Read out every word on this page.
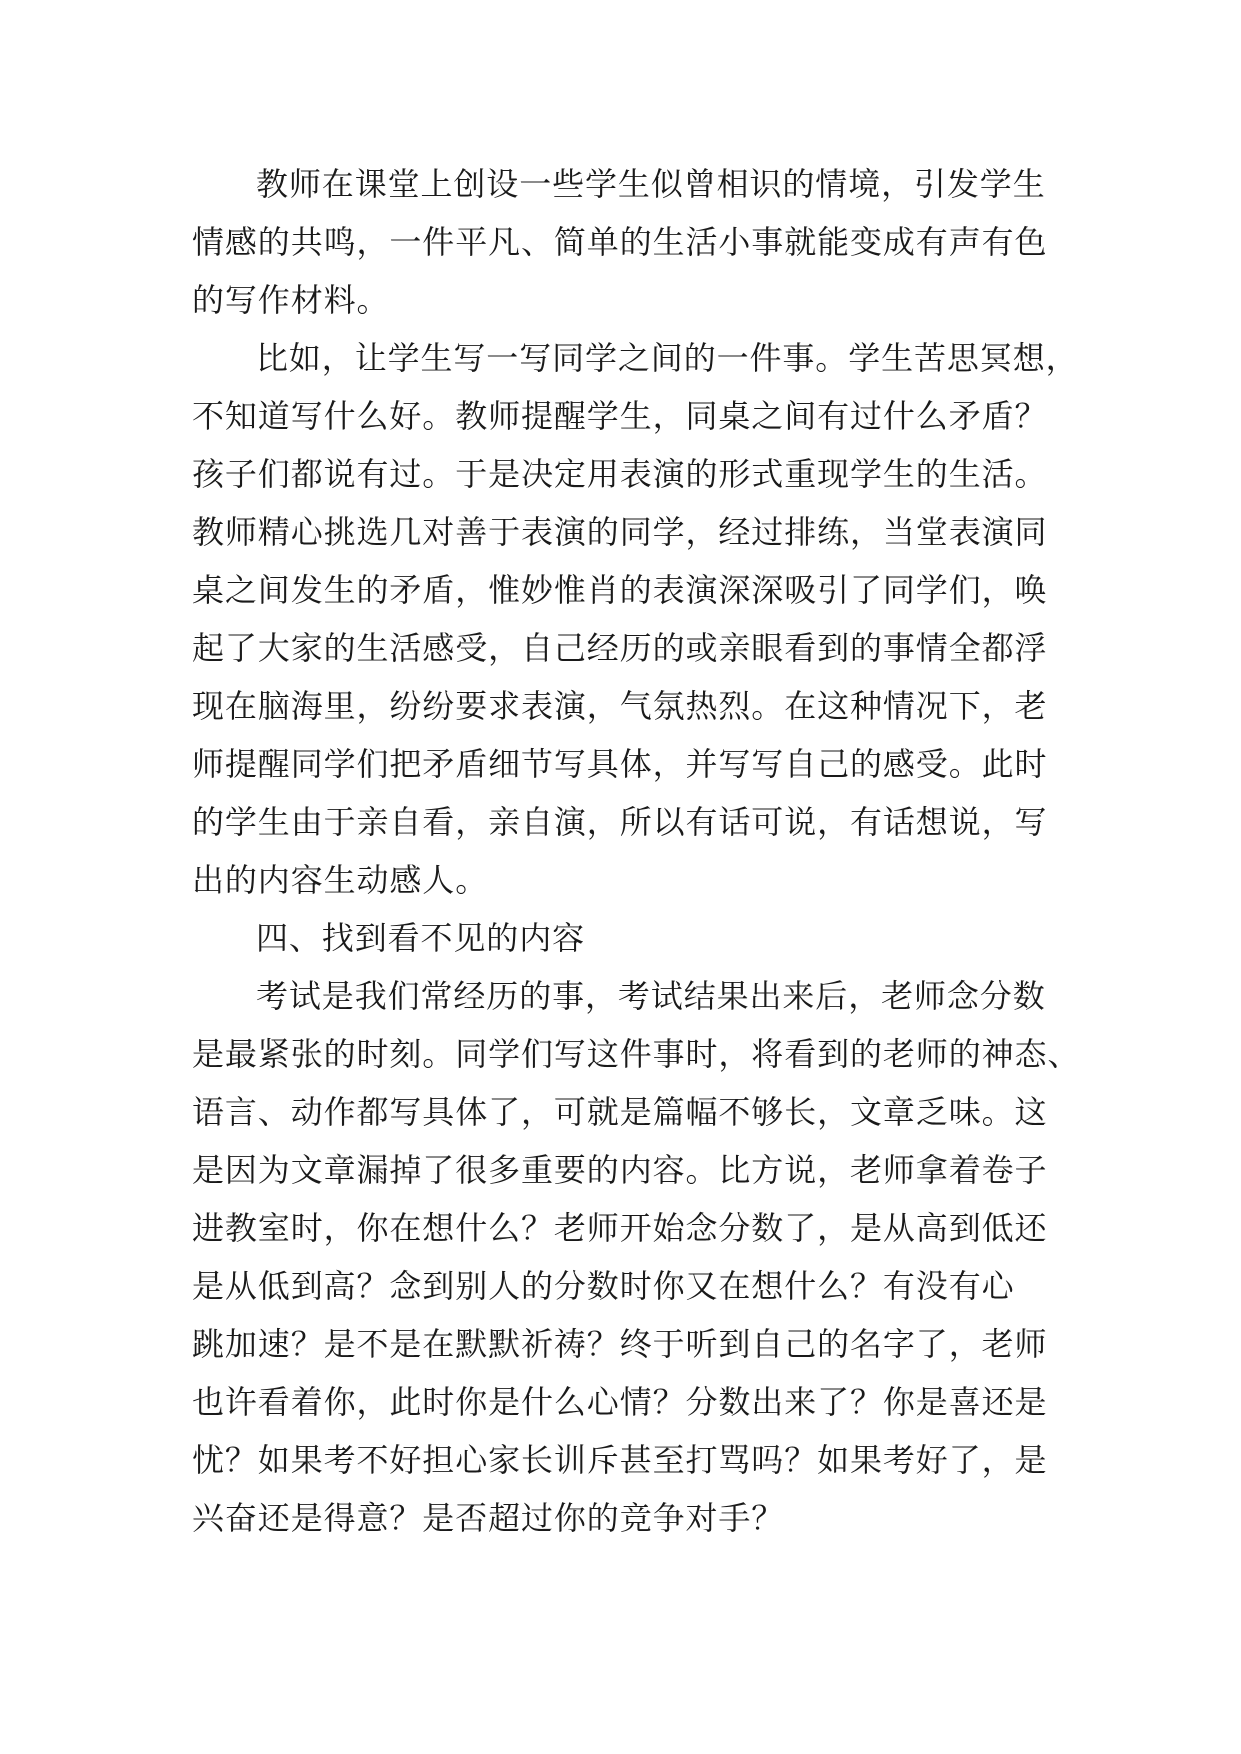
教师在课堂上创设一些学生似曾相识的情境，引发学生
情感的共鸣，一件平凡、简单的生活小事就能变成有声有色
的写作材料。
比如，让学生写一写同学之间的一件事。学生苦思冥想，
不知道写什么好。教师提醒学生，同桌之间有过什么矛盾？
孩子们都说有过。于是决定用表演的形式重现学生的生活。
教师精心挑选几对善于表演的同学，经过排练，当堂表演同
桌之间发生的矛盾，惟妙惟肖的表演深深吸引了同学们，唤
起了大家的生活感受，自己经历的或亲眼看到的事情全都浮
现在脑海里，纷纷要求表演，气氛热烈。在这种情况下，老
师提醒同学们把矛盾细节写具体，并写写自己的感受。此时
的学生由于亲自看，亲自演，所以有话可说，有话想说，写
出的内容生动感人。
四、找到看不见的内容
考试是我们常经历的事，考试结果出来后，老师念分数
是最紧张的时刻。同学们写这件事时，将看到的老师的神态、
语言、动作都写具体了，可就是篇幅不够长，文章乏味。这
是因为文章漏掉了很多重要的内容。比方说，老师拿着卷子
进教室时，你在想什么？老师开始念分数了，是从高到低还
是从低到高？念到别人的分数时你又在想什么？有没有心
跳加速？是不是在默默祈祷？终于听到自己的名字了，老师
也许看着你，此时你是什么心情？分数出来了？你是喜还是
忧？如果考不好担心家长训斥甚至打骂吗？如果考好了，是
兴奋还是得意？是否超过你的竞争对手？
